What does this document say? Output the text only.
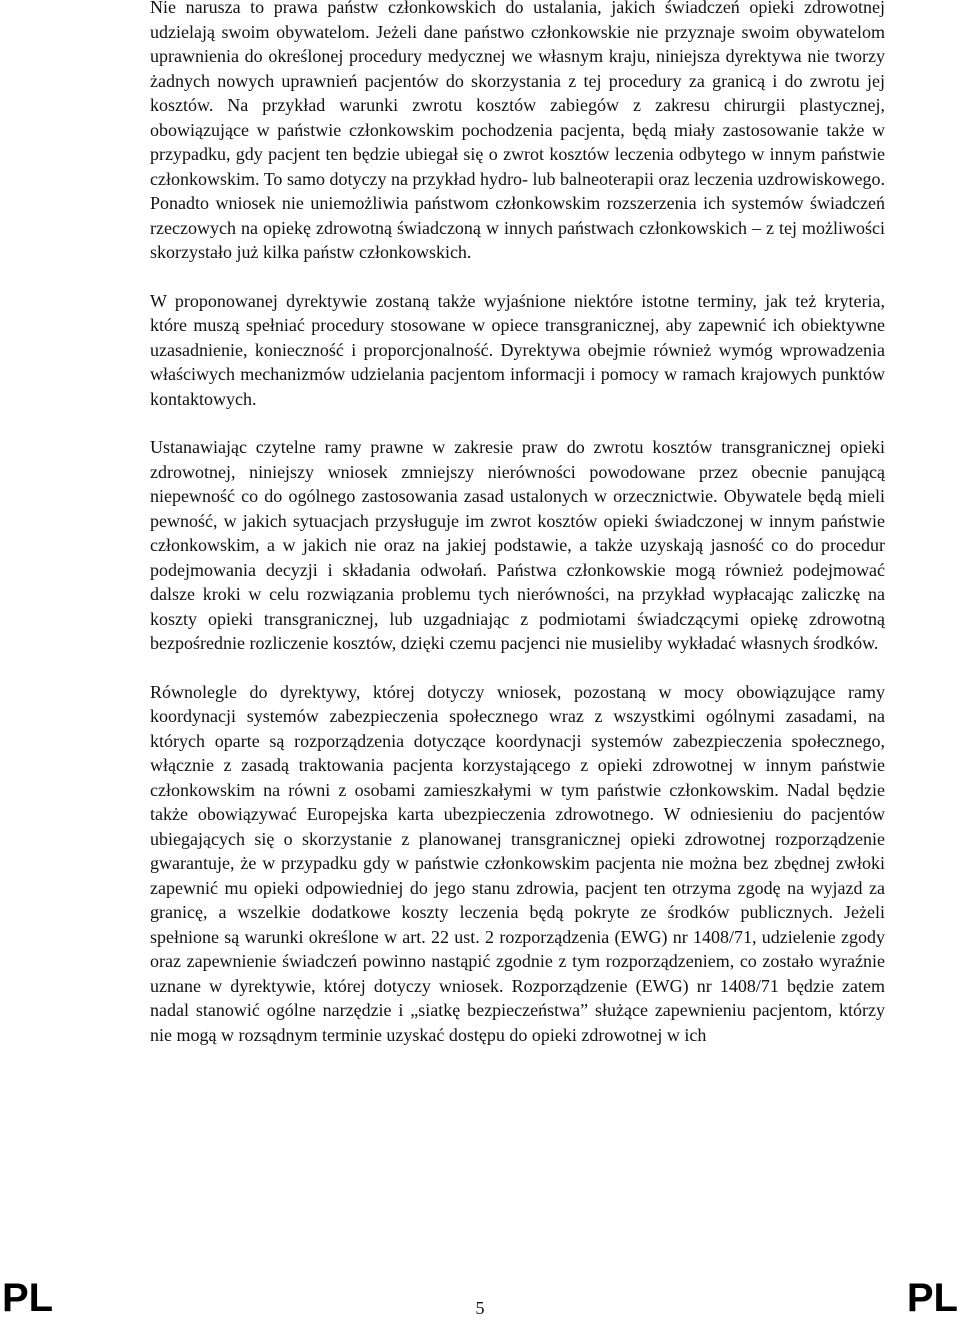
Nie narusza to prawa państw członkowskich do ustalania, jakich świadczeń opieki zdrowotnej udzielają swoim obywatelom. Jeżeli dane państwo członkowskie nie przyznaje swoim obywatelom uprawnienia do określonej procedury medycznej we własnym kraju, niniejsza dyrektywa nie tworzy żadnych nowych uprawnień pacjentów do skorzystania z tej procedury za granicą i do zwrotu jej kosztów. Na przykład warunki zwrotu kosztów zabiegów z zakresu chirurgii plastycznej, obowiązujące w państwie członkowskim pochodzenia pacjenta, będą miały zastosowanie także w przypadku, gdy pacjent ten będzie ubiegał się o zwrot kosztów leczenia odbytego w innym państwie członkowskim. To samo dotyczy na przykład hydro- lub balneoterapii oraz leczenia uzdrowiskowego. Ponadto wniosek nie uniemożliwia państwom członkowskim rozszerzenia ich systemów świadczeń rzeczowych na opiekę zdrowotną świadczoną w innych państwach członkowskich – z tej możliwości skorzystało już kilka państw członkowskich.

W proponowanej dyrektywie zostaną także wyjaśnione niektóre istotne terminy, jak też kryteria, które muszą spełniać procedury stosowane w opiece transgranicznej, aby zapewnić ich obiektywne uzasadnienie, konieczność i proporcjonalność. Dyrektywa obejmie również wymóg wprowadzenia właściwych mechanizmów udzielania pacjentom informacji i pomocy w ramach krajowych punktów kontaktowych.

Ustanawiając czytelne ramy prawne w zakresie praw do zwrotu kosztów transgranicznej opieki zdrowotnej, niniejszy wniosek zmniejszy nierówności powodowane przez obecnie panującą niepewność co do ogólnego zastosowania zasad ustalonych w orzecznictwie. Obywatele będą mieli pewność, w jakich sytuacjach przysługuje im zwrot kosztów opieki świadczonej w innym państwie członkowskim, a w jakich nie oraz na jakiej podstawie, a także uzyskają jasność co do procedur podejmowania decyzji i składania odwołań. Państwa członkowskie mogą również podejmować dalsze kroki w celu rozwiązania problemu tych nierówności, na przykład wypłacając zaliczkę na koszty opieki transgranicznej, lub uzgadniając z podmiotami świadczącymi opiekę zdrowotną bezpośrednie rozliczenie kosztów, dzięki czemu pacjenci nie musieliby wykładać własnych środków.

Równolegle do dyrektywy, której dotyczy wniosek, pozostaną w mocy obowiązujące ramy koordynacji systemów zabezpieczenia społecznego wraz z wszystkimi ogólnymi zasadami, na których oparte są rozporządzenia dotyczące koordynacji systemów zabezpieczenia społecznego, włącznie z zasadą traktowania pacjenta korzystającego z opieki zdrowotnej w innym państwie członkowskim na równi z osobami zamieszkałymi w tym państwie członkowskim. Nadal będzie także obowiązywać Europejska karta ubezpieczenia zdrowotnego. W odniesieniu do pacjentów ubiegających się o skorzystanie z planowanej transgranicznej opieki zdrowotnej rozporządzenie gwarantuje, że w przypadku gdy w państwie członkowskim pacjenta nie można bez zbędnej zwłoki zapewnić mu opieki odpowiedniej do jego stanu zdrowia, pacjent ten otrzyma zgodę na wyjazd za granicę, a wszelkie dodatkowe koszty leczenia będą pokryte ze środków publicznych. Jeżeli spełnione są warunki określone w art. 22 ust. 2 rozporządzenia (EWG) nr 1408/71, udzielenie zgody oraz zapewnienie świadczeń powinno nastąpić zgodnie z tym rozporządzeniem, co zostało wyraźnie uznane w dyrektywie, której dotyczy wniosek. Rozporządzenie (EWG) nr 1408/71 będzie zatem nadal stanowić ogólne narzędzie i „siatkę bezpieczeństwa” służące zapewnieniu pacjentom, którzy nie mogą w rozsądnym terminie uzyskać dostępu do opieki zdrowotnej w ich

PL	5	PL
